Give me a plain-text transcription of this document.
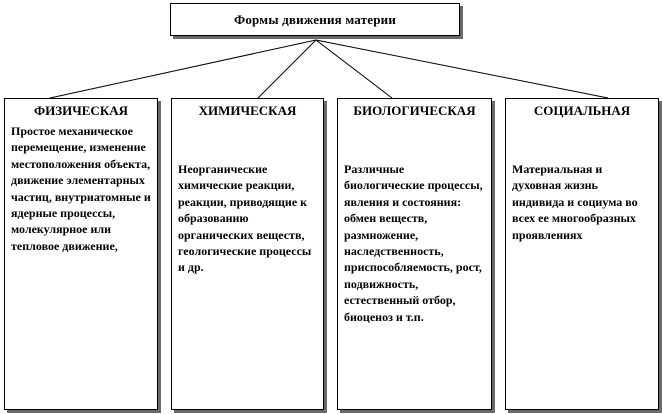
Формы движения материи
ФИЗИЧЕСКАЯ
Простое механическое перемещение, изменение местоположения объекта, движение элементарных частиц, внутриатомные и ядерные процессы, молекулярное или тепловое движение,
ХИМИЧЕСКАЯ
Неорганические химические реакции, реакции, приводящие к образованию органических веществ, геологические процессы и др.
БИОЛОГИЧЕСКАЯ
Различные биологические процессы, явления и состояния: обмен веществ, размножение, наследственность, приспособляемость, рост, подвижность, естественный отбор, биоценоз и т.п.
СОЦИАЛЬНАЯ
Материальная и духовная жизнь индивида и социума во всех ее многообразных проявлениях
